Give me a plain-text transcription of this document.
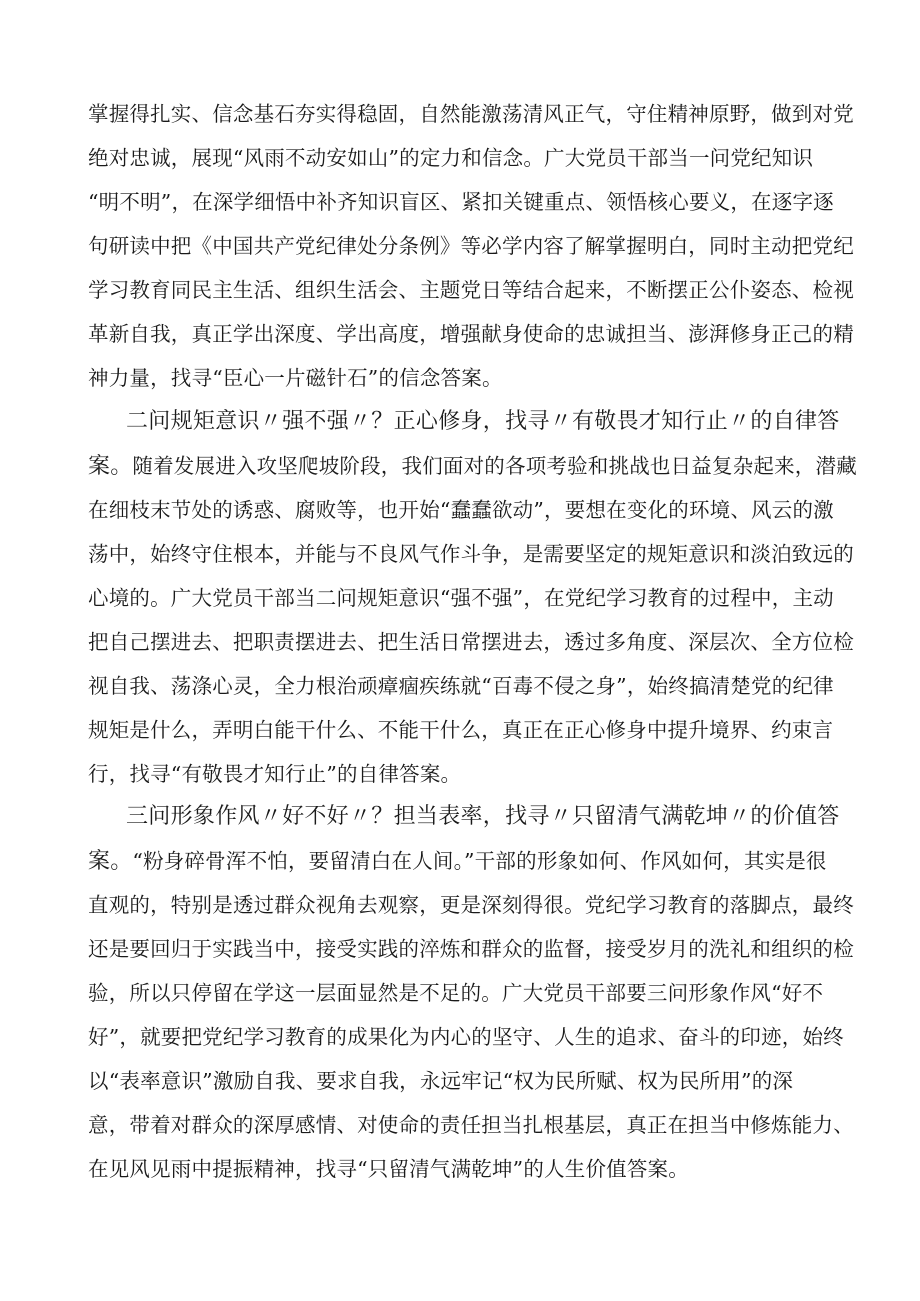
掌握得扎实、信念基石夯实得稳固，自然能激荡清风正气，守住精神原野，做到对党
绝对忠诚，展现“风雨不动安如山”的定力和信念。广大党员干部当一问党纪知识
“明不明”，在深学细悟中补齐知识盲区、紧扣关键重点、领悟核心要义，在逐字逐
句研读中把《中国共产党纪律处分条例》等必学内容了解掌握明白，同时主动把党纪
学习教育同民主生活、组织生活会、主题党日等结合起来，不断摆正公仆姿态、检视
革新自我，真正学出深度、学出高度，增强献身使命的忠诚担当、澎湃修身正己的精
神力量，找寻“臣心一片磁针石”的信念答案。
二问规矩意识〃强不强〃？正心修身，找寻〃有敬畏才知行止〃的自律答
案。随着发展进入攻坚爬坡阶段，我们面对的各项考验和挑战也日益复杂起来，潜藏
在细枝末节处的诱惑、腐败等，也开始“蠢蠢欲动”，要想在变化的环境、风云的激
荡中，始终守住根本，并能与不良风气作斗争，是需要坚定的规矩意识和淡泊致远的
心境的。广大党员干部当二问规矩意识“强不强”，在党纪学习教育的过程中，主动
把自己摆进去、把职责摆进去、把生活日常摆进去，透过多角度、深层次、全方位检
视自我、荡涤心灵，全力根治顽瘴痼疾练就“百毒不侵之身”，始终搞清楚党的纪律
规矩是什么，弄明白能干什么、不能干什么，真正在正心修身中提升境界、约束言
行，找寻“有敬畏才知行止”的自律答案。
三问形象作风〃好不好〃？担当表率，找寻〃只留清气满乾坤〃的价值答
案。“粉身碎骨浑不怕，要留清白在人间。”干部的形象如何、作风如何，其实是很
直观的，特别是透过群众视角去观察，更是深刻得很。党纪学习教育的落脚点，最终
还是要回归于实践当中，接受实践的淬炼和群众的监督，接受岁月的洗礼和组织的检
验，所以只停留在学这一层面显然是不足的。广大党员干部要三问形象作风“好不
好”，就要把党纪学习教育的成果化为内心的坚守、人生的追求、奋斗的印迹，始终
以“表率意识”激励自我、要求自我，永远牢记“权为民所赋、权为民所用”的深
意，带着对群众的深厚感情、对使命的责任担当扎根基层，真正在担当中修炼能力、
在见风见雨中提振精神，找寻“只留清气满乾坤”的人生价值答案。
